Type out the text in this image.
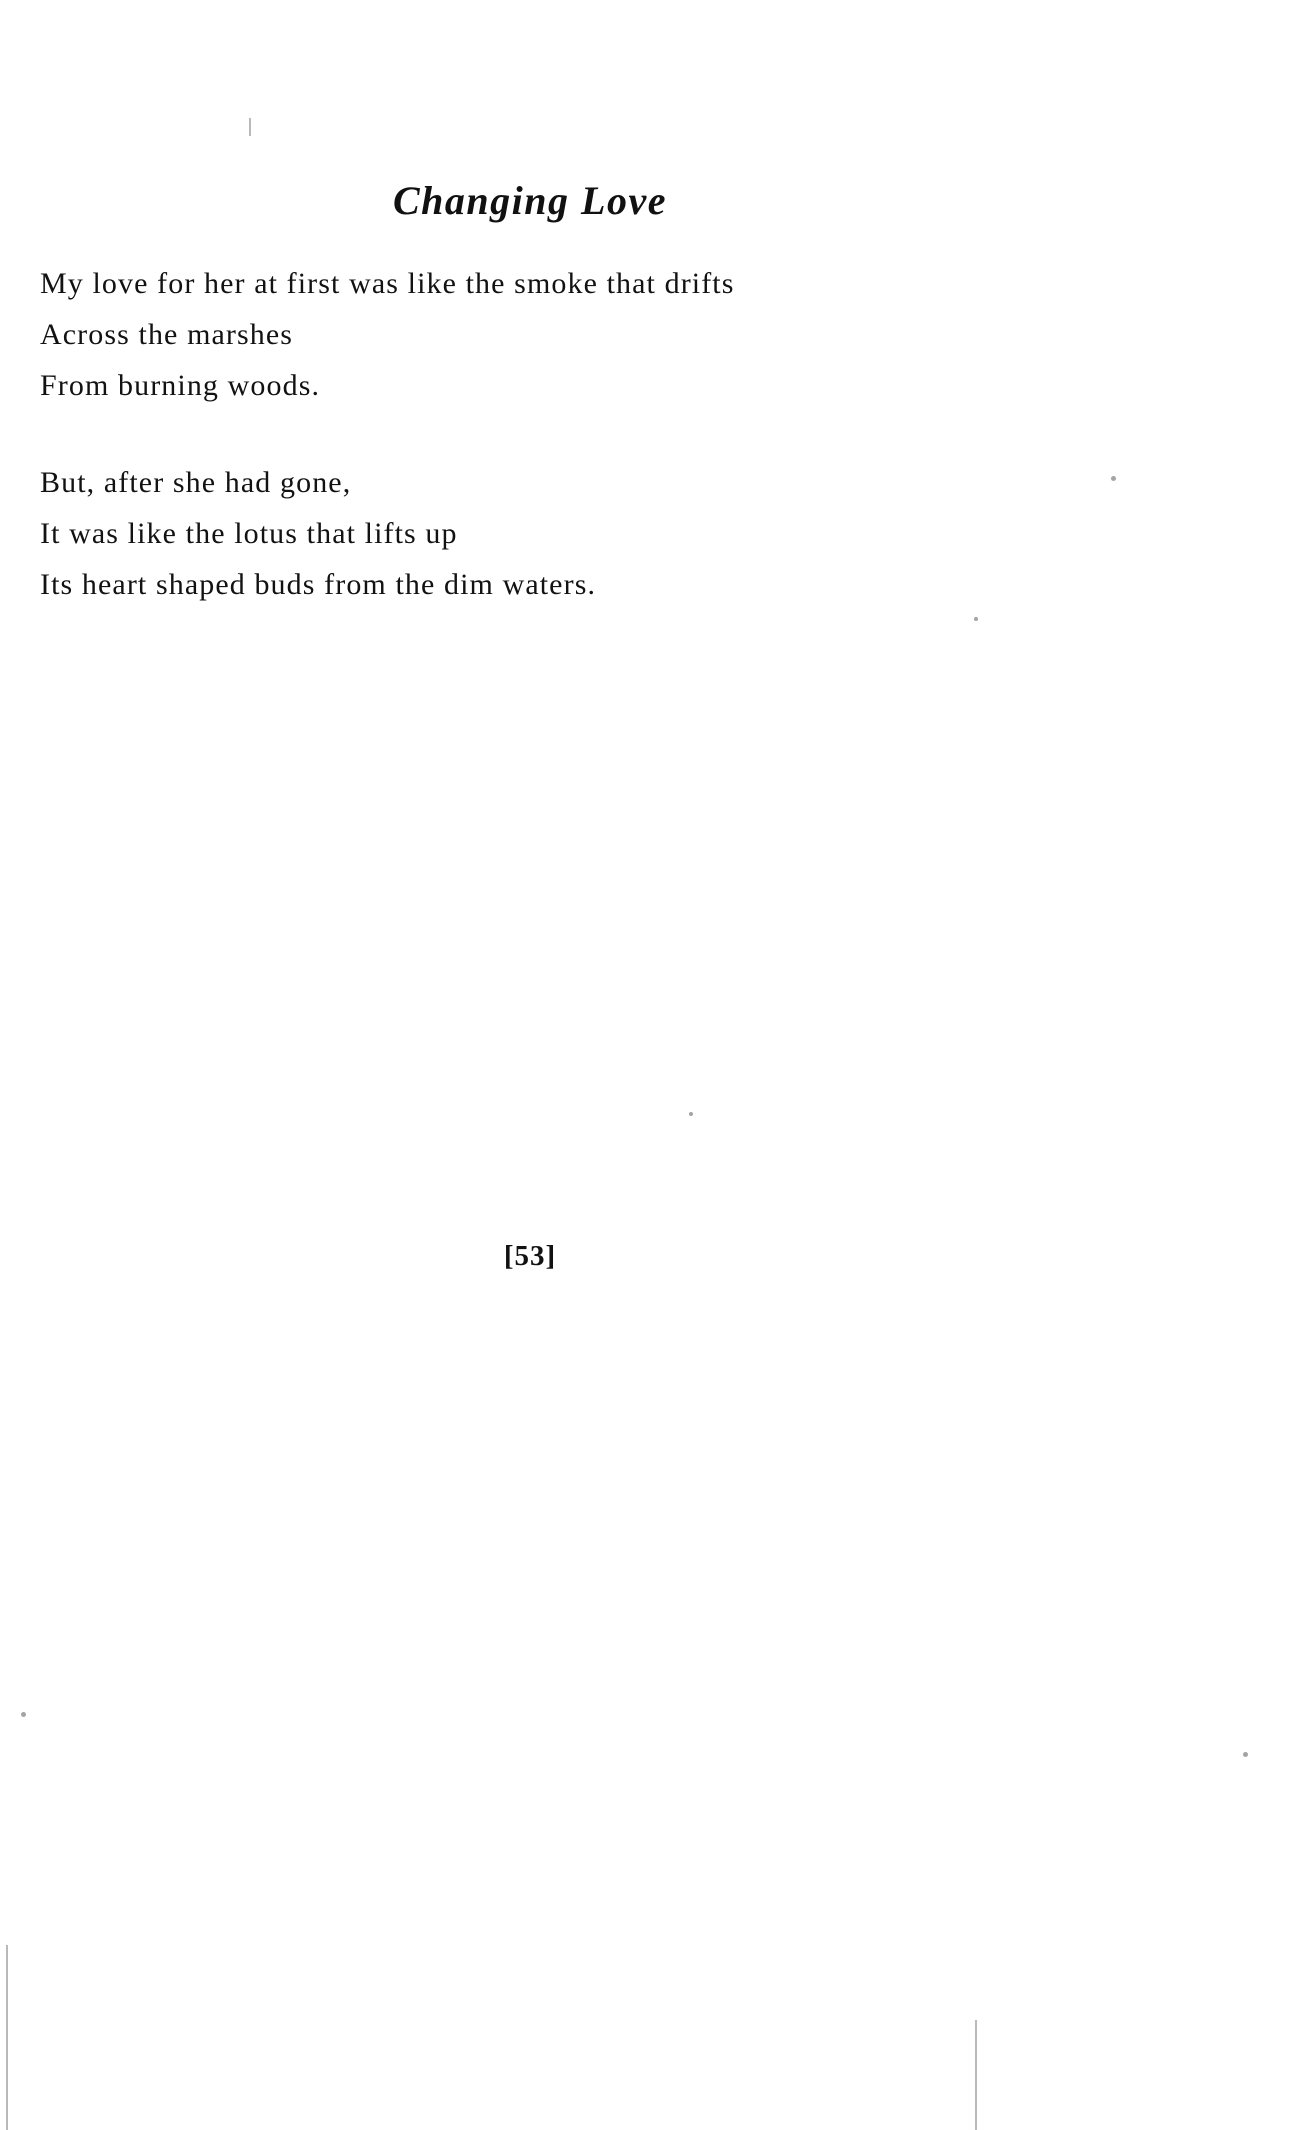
Changing Love
My love for her at first was like the smoke that drifts
Across the marshes
From burning woods.
But, after she had gone,
It was like the lotus that lifts up
Its heart shaped buds from the dim waters.
[53]
